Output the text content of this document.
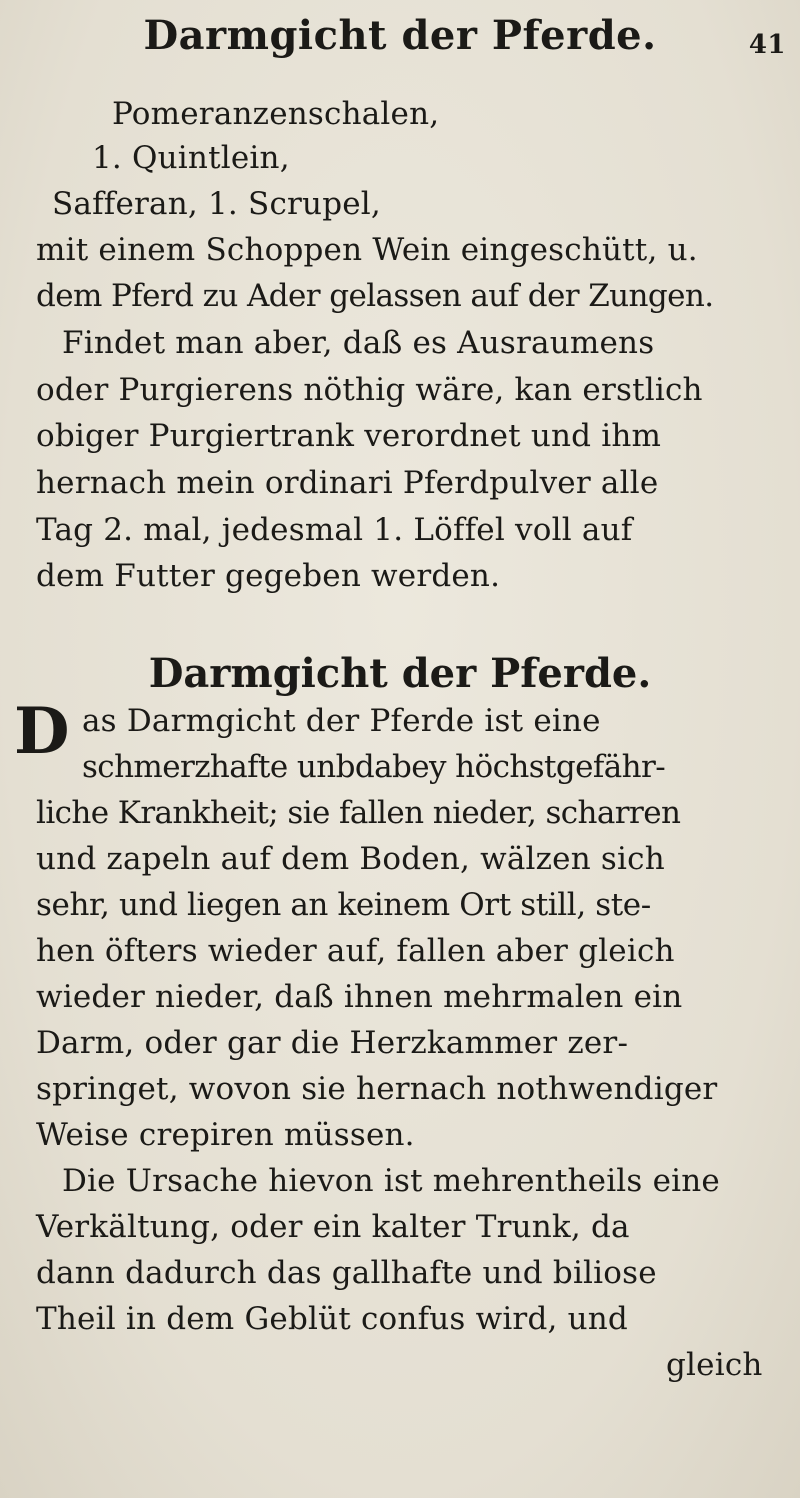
Darmgicht der Pferde.	41
Pomeranzenschalen,
1. Quintlein,
Safferan, 1. Scrupel,
mit einem Schoppen Wein eingeschütt, u.
dem Pferd zu Ader gelassen auf der Zungen.
Findet man aber, daß es Ausraumens
oder Purgierens nöthig wäre, kan erstlich
obiger Purgiertrank verordnet und ihm
hernach mein ordinari Pferdpulver alle
Tag 2. mal, jedesmal 1. Löffel voll auf
dem Futter gegeben werden.
Darmgicht der Pferde.
D as Darmgicht der Pferde ist eine
schmerzhafte unbdabey höchstgefähr-
liche Krankheit; sie fallen nieder, scharren
und zapeln auf dem Boden, wälzen sich
sehr, und liegen an keinem Ort still, ste-
hen öfters wieder auf, fallen aber gleich
wieder nieder, daß ihnen mehrmalen ein
Darm, oder gar die Herzkammer zer-
springet, wovon sie hernach nothwendiger
Weise crepiren müssen.
Die Ursache hievon ist mehrentheils eine
Verkältung, oder ein kalter Trunk, da
dann dadurch das gallhafte und biliose
Theil in dem Geblüt confus wird, und
gleich
